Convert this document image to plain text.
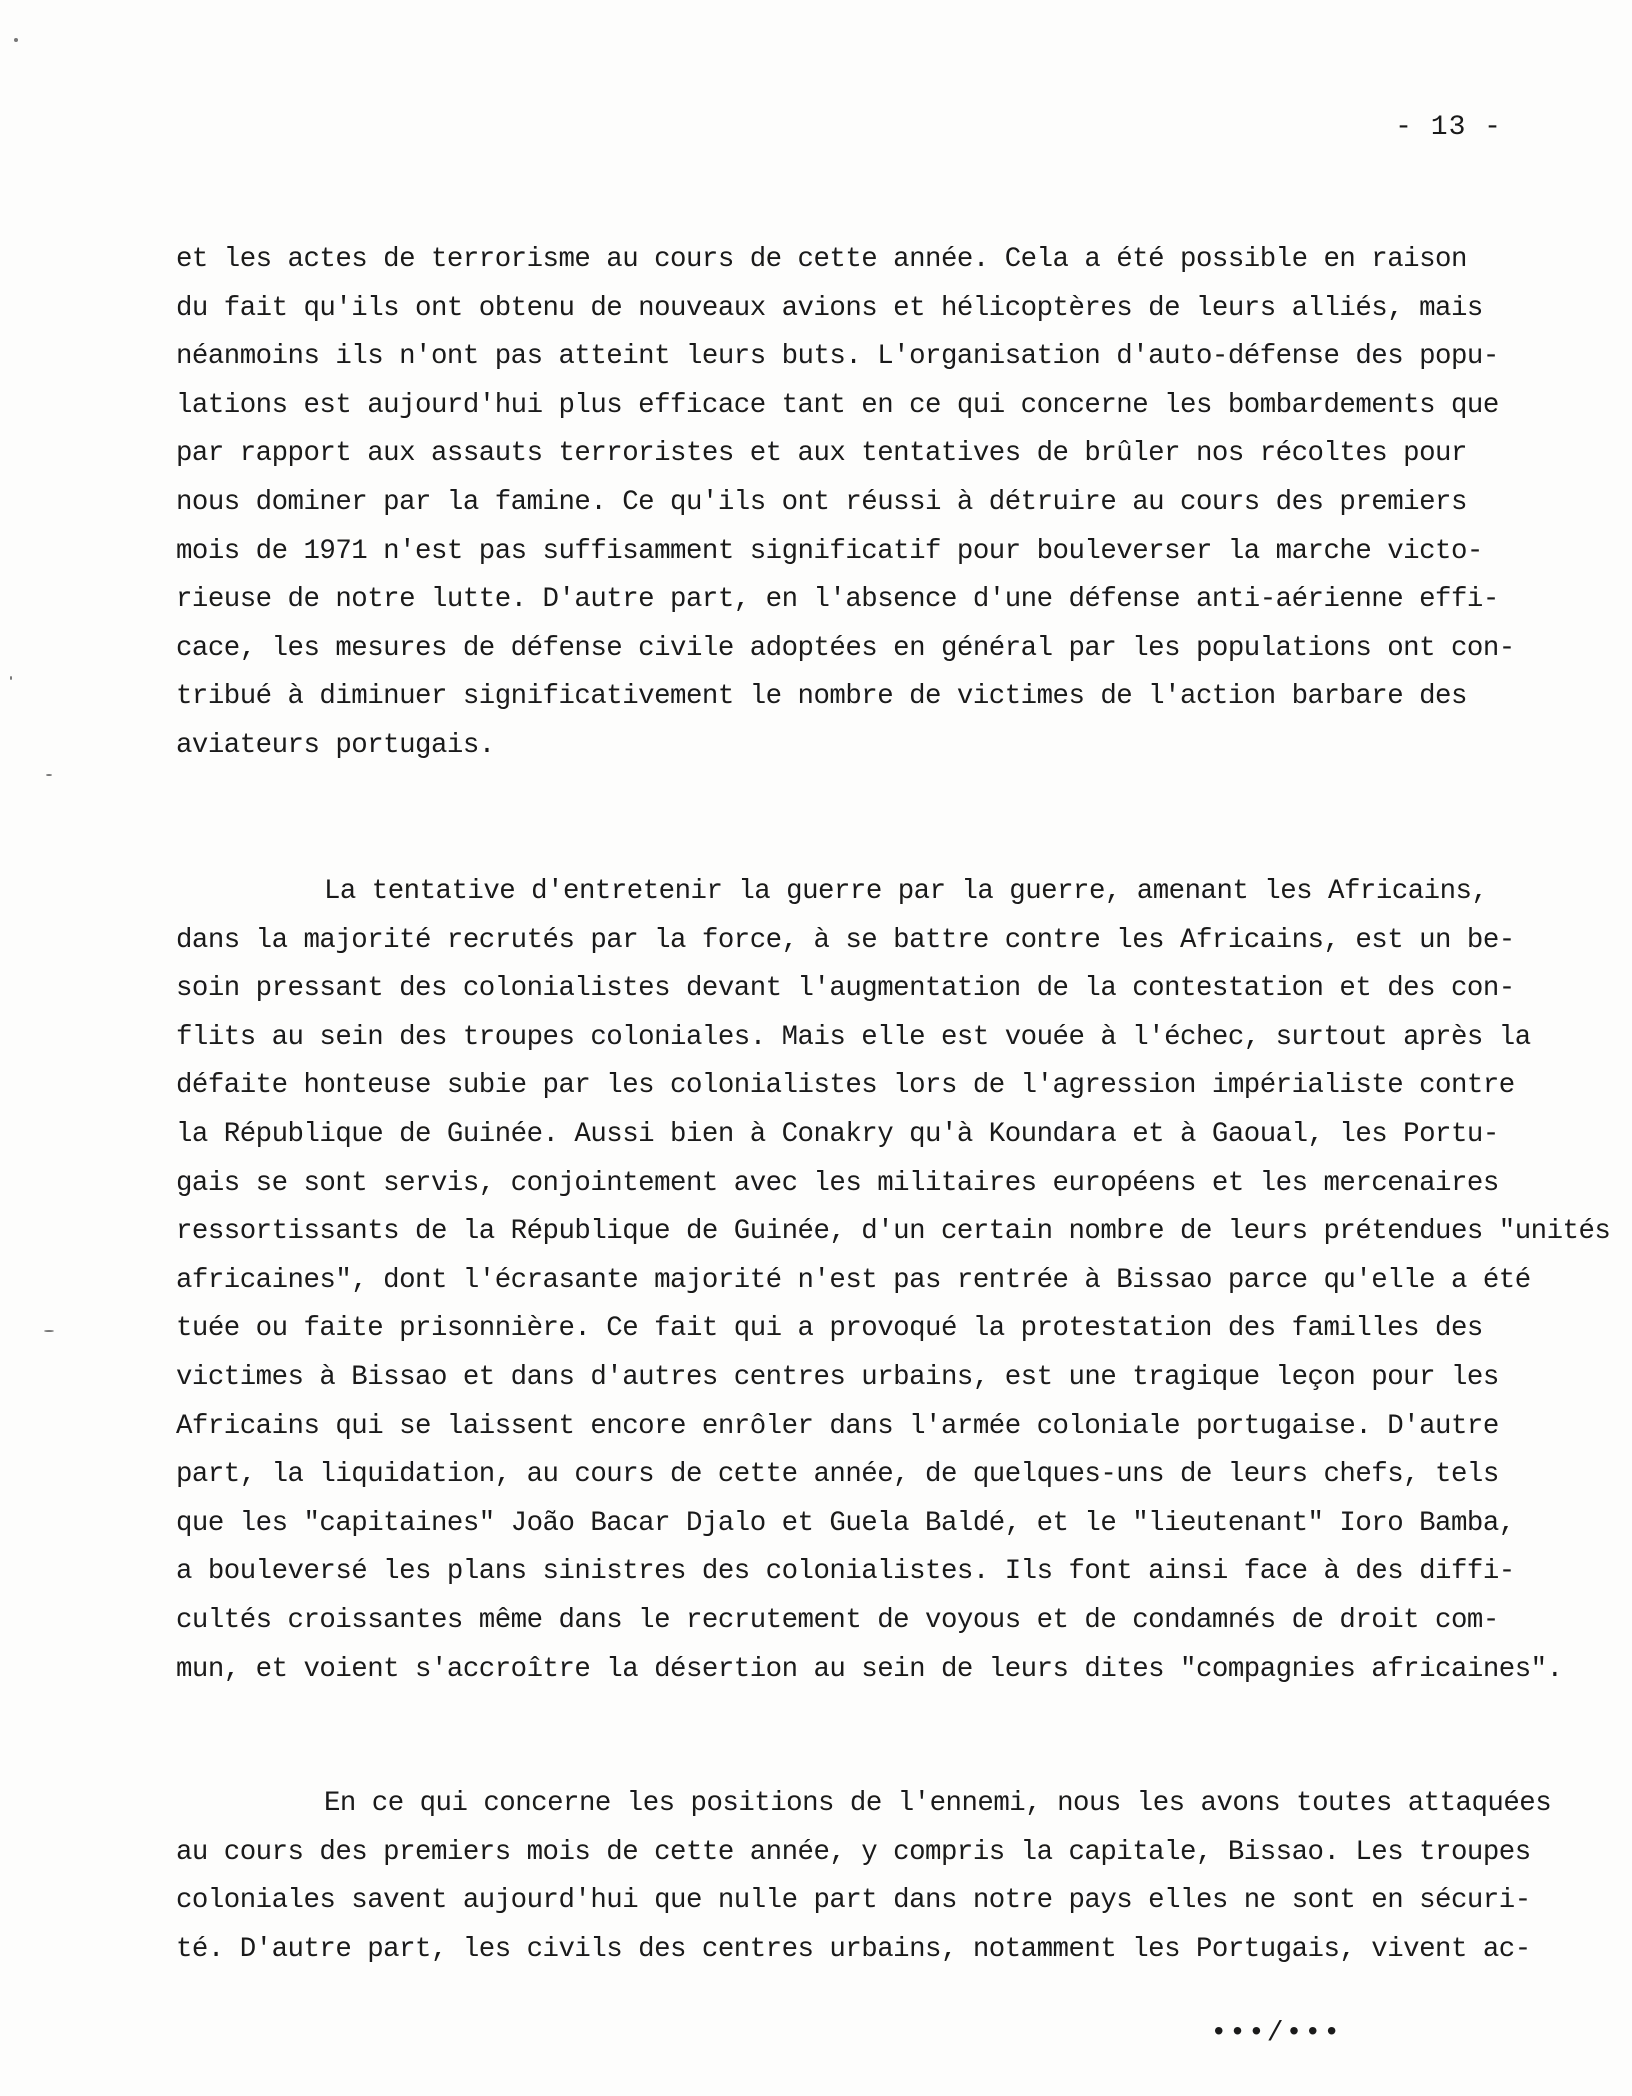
- 13 -
et les actes de terrorisme au cours de cette année. Cela a été possible en raison
du fait qu'ils ont obtenu de nouveaux avions et hélicoptères de leurs alliés, mais
néanmoins ils n'ont pas atteint leurs buts. L'organisation d'auto-défense des popu-
lations est aujourd'hui plus efficace tant en ce qui concerne les bombardements que
par rapport aux assauts terroristes et aux tentatives de brûler nos récoltes pour
nous dominer par la famine. Ce qu'ils ont réussi à détruire au cours des premiers
mois de 1971 n'est pas suffisamment significatif pour bouleverser la marche victo-
rieuse de notre lutte. D'autre part, en l'absence d'une défense anti-aérienne effi-
cace, les mesures de défense civile adoptées en général par les populations ont con-
tribué à diminuer significativement le nombre de victimes de l'action barbare des
aviateurs portugais.
La tentative d'entretenir la guerre par la guerre, amenant les Africains,
dans la majorité recrutés par la force, à se battre contre les Africains, est un be-
soin pressant des colonialistes devant l'augmentation de la contestation et des con-
flits au sein des troupes coloniales. Mais elle est vouée à l'échec, surtout après la
défaite honteuse subie par les colonialistes lors de l'agression impérialiste contre
la République de Guinée. Aussi bien à Conakry qu'à Koundara et à Gaoual, les Portu-
gais se sont servis, conjointement avec les militaires européens et les mercenaires
ressortissants de la République de Guinée, d'un certain nombre de leurs prétendues "unités
africaines", dont l'écrasante majorité n'est pas rentrée à Bissao parce qu'elle a été
tuée ou faite prisonnière. Ce fait qui a provoqué la protestation des familles des
victimes à Bissao et dans d'autres centres urbains, est une tragique leçon pour les
Africains qui se laissent encore enrôler dans l'armée coloniale portugaise. D'autre
part, la liquidation, au cours de cette année, de quelques-uns de leurs chefs, tels
que les "capitaines" João Bacar Djalo et Guela Baldé, et le "lieutenant" Ioro Bamba,
a bouleversé les plans sinistres des colonialistes. Ils font ainsi face à des diffi-
cultés croissantes même dans le recrutement de voyous et de condamnés de droit com-
mun, et voient s'accroître la désertion au sein de leurs dites "compagnies africaines".
En ce qui concerne les positions de l'ennemi, nous les avons toutes attaquées
au cours des premiers mois de cette année, y compris la capitale, Bissao. Les troupes
coloniales savent aujourd'hui que nulle part dans notre pays elles ne sont en sécuri-
té. D'autre part, les civils des centres urbains, notamment les Portugais, vivent ac-
•••/•••
